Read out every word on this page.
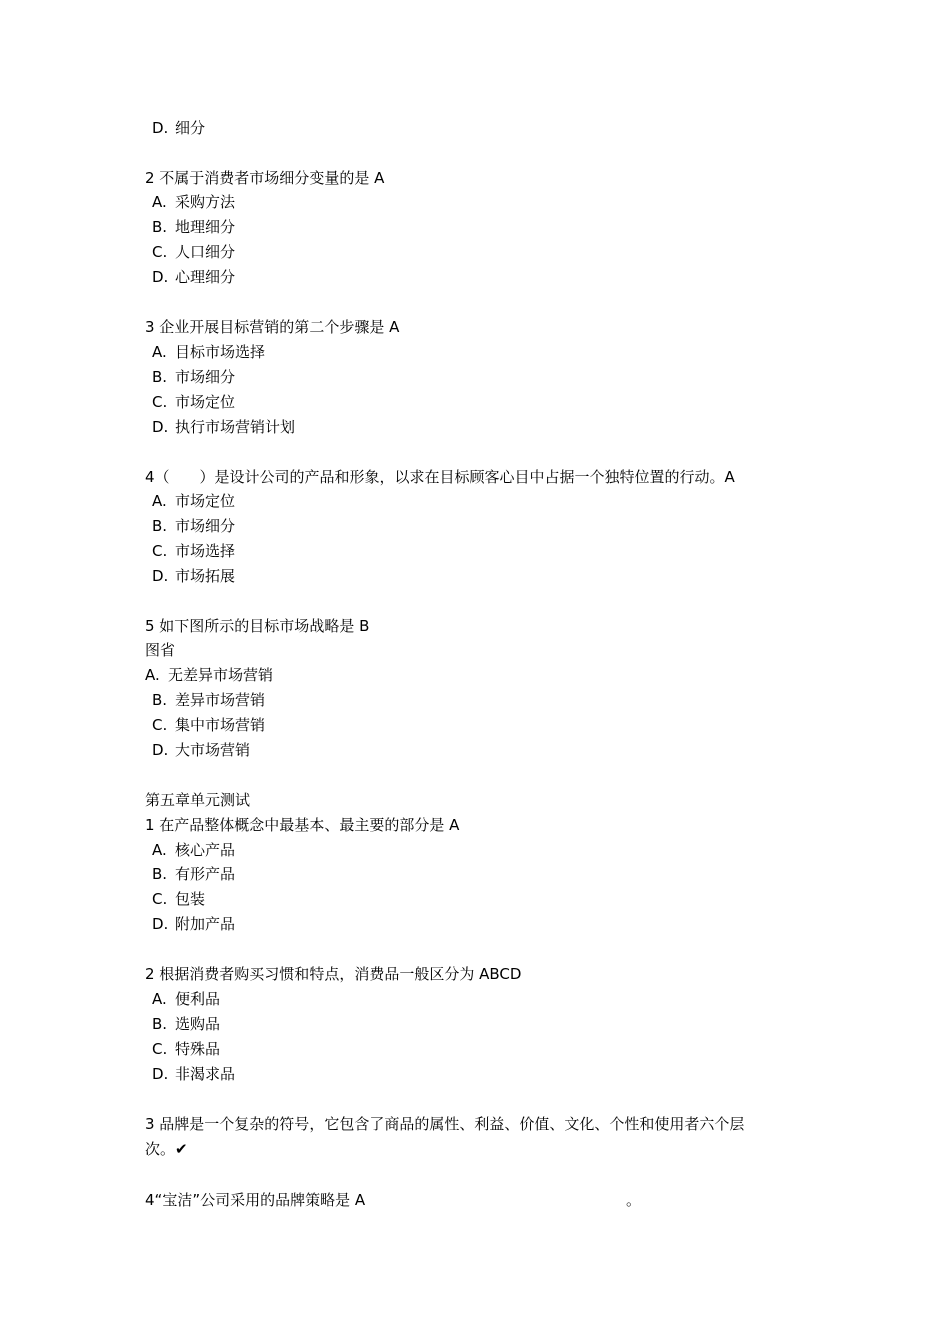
D. 细分
2 不属于消费者市场细分变量的是 A
A. 采购方法
B. 地理细分
C. 人口细分
D. 心理细分
3 企业开展目标营销的第二个步骤是 A
A. 目标市场选择
B. 市场细分
C. 市场定位
D. 执行市场营销计划
4（　　）是设计公司的产品和形象，以求在目标顾客心目中占据一个独特位置的行动。A
A. 市场定位
B. 市场细分
C. 市场选择
D. 市场拓展
5 如下图所示的目标市场战略是 B
图省
A. 无差异市场营销
B. 差异市场营销
C. 集中市场营销
D. 大市场营销
第五章单元测试
1 在产品整体概念中最基本、最主要的部分是 A
A. 核心产品
B. 有形产品
C. 包装
D. 附加产品
2 根据消费者购买习惯和特点，消费品一般区分为 ABCD
A. 便利品
B. 选购品
C. 特殊品
D. 非渴求品
3 品牌是一个复杂的符号，它包含了商品的属性、利益、价值、文化、个性和使用者六个层
次。✔
4“宝洁”公司采用的品牌策略是 A	。
